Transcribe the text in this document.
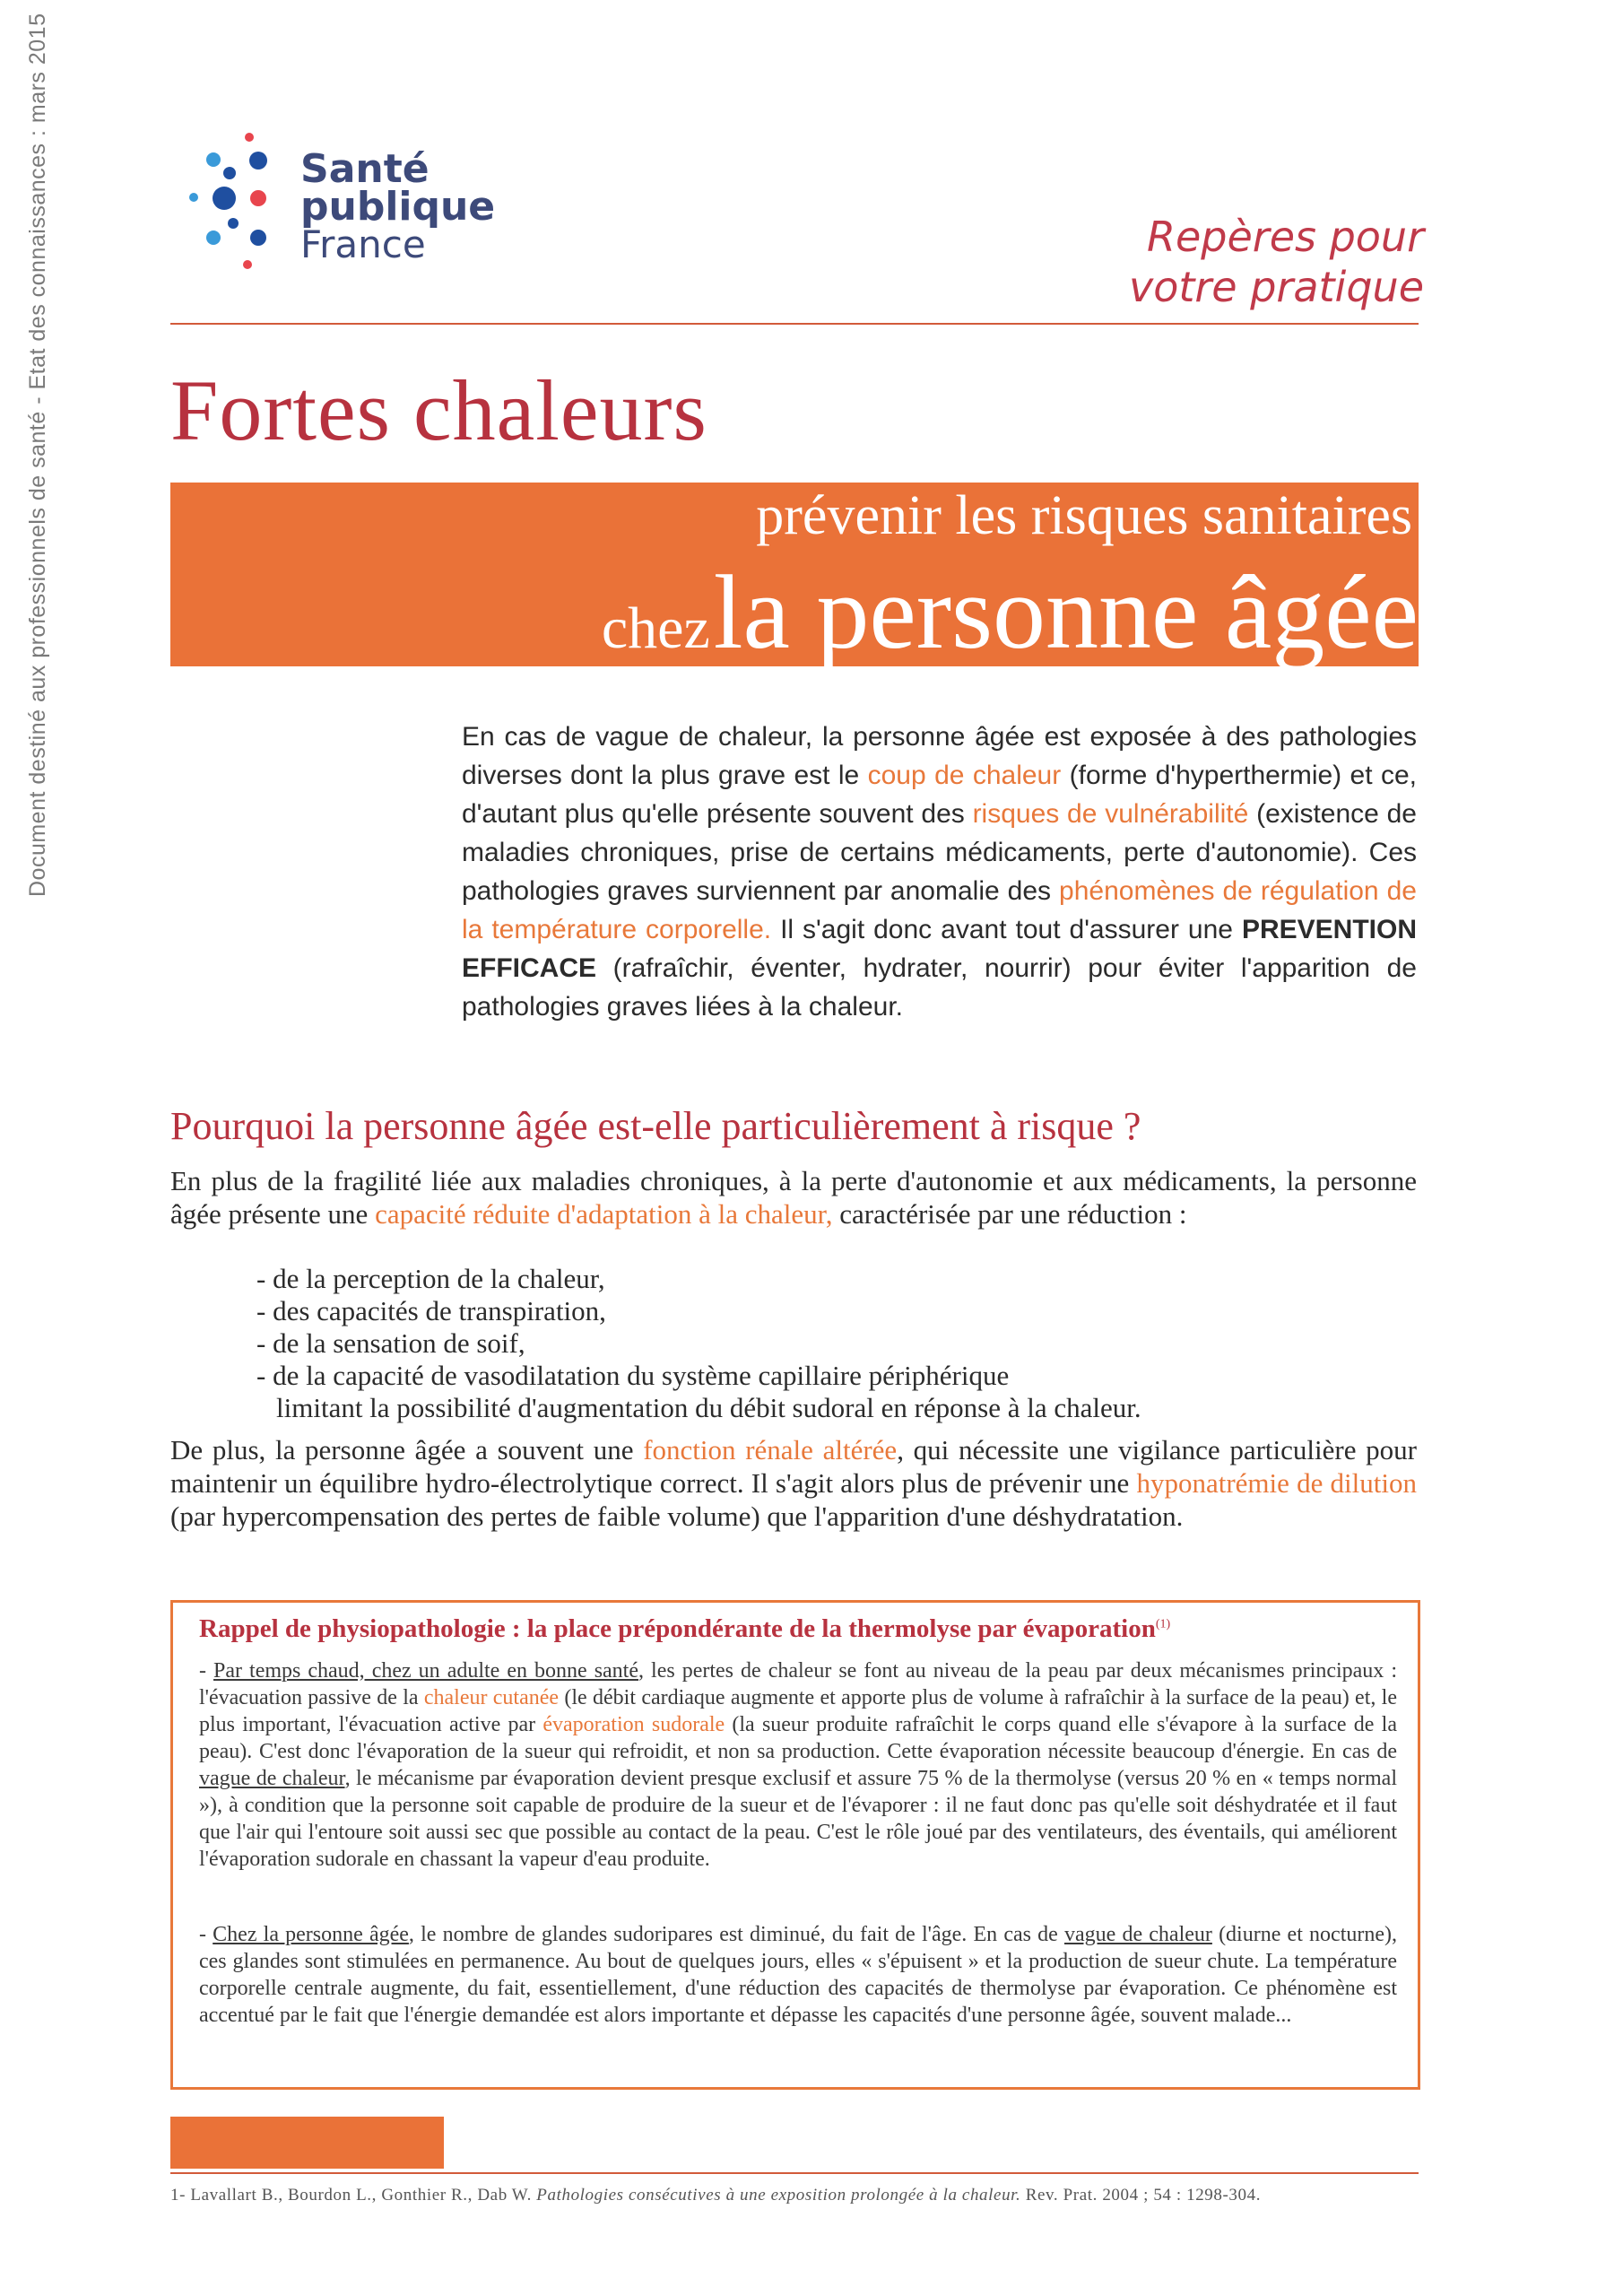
Document destiné aux professionnels de santé - Etat des connaissances : mars 2015	Santé
publique
France	Repères pour
votre pratique
Fortes chaleurs
prévenir les risques sanitaires
chez la personne âgée
En cas de vague de chaleur, la personne âgée est exposée à des pathologies diverses dont la plus grave est le coup de chaleur (forme d'hyperthermie) et ce, d'autant plus qu'elle présente souvent des risques de vulnérabilité (existence de maladies chroniques, prise de certains médicaments, perte d'autonomie). Ces pathologies graves surviennent par anomalie des phénomènes de régulation de la température corporelle. Il s'agit donc avant tout d'assurer une PREVENTION EFFICACE (rafraîchir, éventer, hydrater, nourrir) pour éviter l'apparition de pathologies graves liées à la chaleur.
Pourquoi la personne âgée est-elle particulièrement à risque ?
En plus de la fragilité liée aux maladies chroniques, à la perte d'autonomie et aux médicaments, la personne âgée présente une capacité réduite d'adaptation à la chaleur, caractérisée par une réduction :
- de la perception de la chaleur,
- des capacités de transpiration,
- de la sensation de soif,
- de la capacité de vasodilatation du système capillaire périphérique
limitant la possibilité d'augmentation du débit sudoral en réponse à la chaleur.
De plus, la personne âgée a souvent une fonction rénale altérée, qui nécessite une vigilance particulière pour maintenir un équilibre hydro-électrolytique correct. Il s'agit alors plus de prévenir une hyponatrémie de dilution (par hypercompensation des pertes de faible volume) que l'apparition d'une déshydratation.
Rappel de physiopathologie : la place prépondérante de la thermolyse par évaporation$^{(1)}$
- Par temps chaud, chez un adulte en bonne santé, les pertes de chaleur se font au niveau de la peau par deux mécanismes principaux : l'évacuation passive de la chaleur cutanée (le débit cardiaque augmente et apporte plus de volume à rafraîchir à la surface de la peau) et, le plus important, l'évacuation active par évaporation sudorale (la sueur produite rafraîchit le corps quand elle s'évapore à la surface de la peau). C'est donc l'évaporation de la sueur qui refroidit, et non sa production. Cette évaporation nécessite beaucoup d'énergie. En cas de vague de chaleur, le mécanisme par évaporation devient presque exclusif et assure 75 % de la thermolyse (versus 20 % en « temps normal »), à condition que la personne soit capable de produire de la sueur et de l'évaporer : il ne faut donc pas qu'elle soit déshydratée et il faut que l'air qui l'entoure soit aussi sec que possible au contact de la peau. C'est le rôle joué par des ventilateurs, des éventails, qui améliorent l'évaporation sudorale en chassant la vapeur d'eau produite.
- Chez la personne âgée, le nombre de glandes sudoripares est diminué, du fait de l'âge. En cas de vague de chaleur (diurne et nocturne), ces glandes sont stimulées en permanence. Au bout de quelques jours, elles « s'épuisent » et la production de sueur chute. La température corporelle centrale augmente, du fait, essentiellement, d'une réduction des capacités de thermolyse par évaporation. Ce phénomène est accentué par le fait que l'énergie demandée est alors importante et dépasse les capacités d'une personne âgée, souvent malade...
1- Lavallart B., Bourdon L., Gonthier R., Dab W. Pathologies consécutives à une exposition prolongée à la chaleur. Rev. Prat. 2004 ; 54 : 1298-304.
